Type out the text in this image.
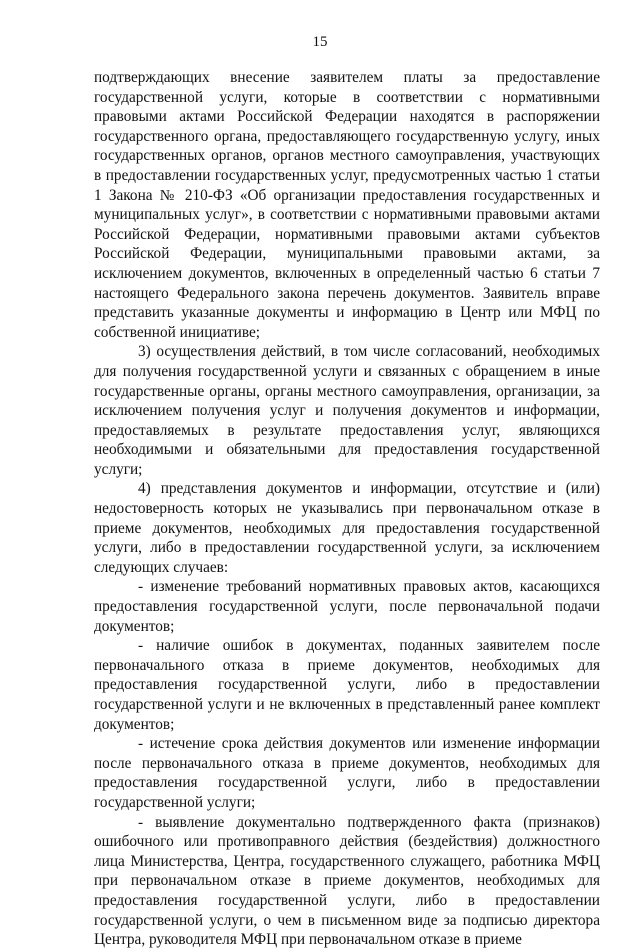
15

подтверждающих внесение заявителем платы за предоставление государственной услуги, которые в соответствии с нормативными правовыми актами Российской Федерации находятся в распоряжении государственного органа, предоставляющего государственную услугу, иных государственных органов, органов местного самоуправления, участвующих в предоставлении государственных услуг, предусмотренных частью 1 статьи 1 Закона № 210-ФЗ «Об организации предоставления государственных и муниципальных услуг», в соответствии с нормативными правовыми актами Российской Федерации, нормативными правовыми актами субъектов Российской Федерации, муниципальными правовыми актами, за исключением документов, включенных в определенный частью 6 статьи 7 настоящего Федерального закона перечень документов. Заявитель вправе представить указанные документы и информацию в Центр или МФЦ по собственной инициативе;

3) осуществления действий, в том числе согласований, необходимых для получения государственной услуги и связанных с обращением в иные государственные органы, органы местного самоуправления, организации, за исключением получения услуг и получения документов и информации, предоставляемых в результате предоставления услуг, являющихся необходимыми и обязательными для предоставления государственной услуги;

4) представления документов и информации, отсутствие и (или) недостоверность которых не указывались при первоначальном отказе в приеме документов, необходимых для предоставления государственной услуги, либо в предоставлении государственной услуги, за исключением следующих случаев:

- изменение требований нормативных правовых актов, касающихся предоставления государственной услуги, после первоначальной подачи документов;

- наличие ошибок в документах, поданных заявителем после первоначального отказа в приеме документов, необходимых для предоставления государственной услуги, либо в предоставлении государственной услуги и не включенных в представленный ранее комплект документов;

- истечение срока действия документов или изменение информации после первоначального отказа в приеме документов, необходимых для предоставления государственной услуги, либо в предоставлении государственной услуги;

- выявление документально подтвержденного факта (признаков) ошибочного или противоправного действия (бездействия) должностного лица Министерства, Центра, государственного служащего, работника МФЦ при первоначальном отказе в приеме документов, необходимых для предоставления государственной услуги, либо в предоставлении государственной услуги, о чем в письменном виде за подписью директора Центра, руководителя МФЦ при первоначальном отказе в приеме
